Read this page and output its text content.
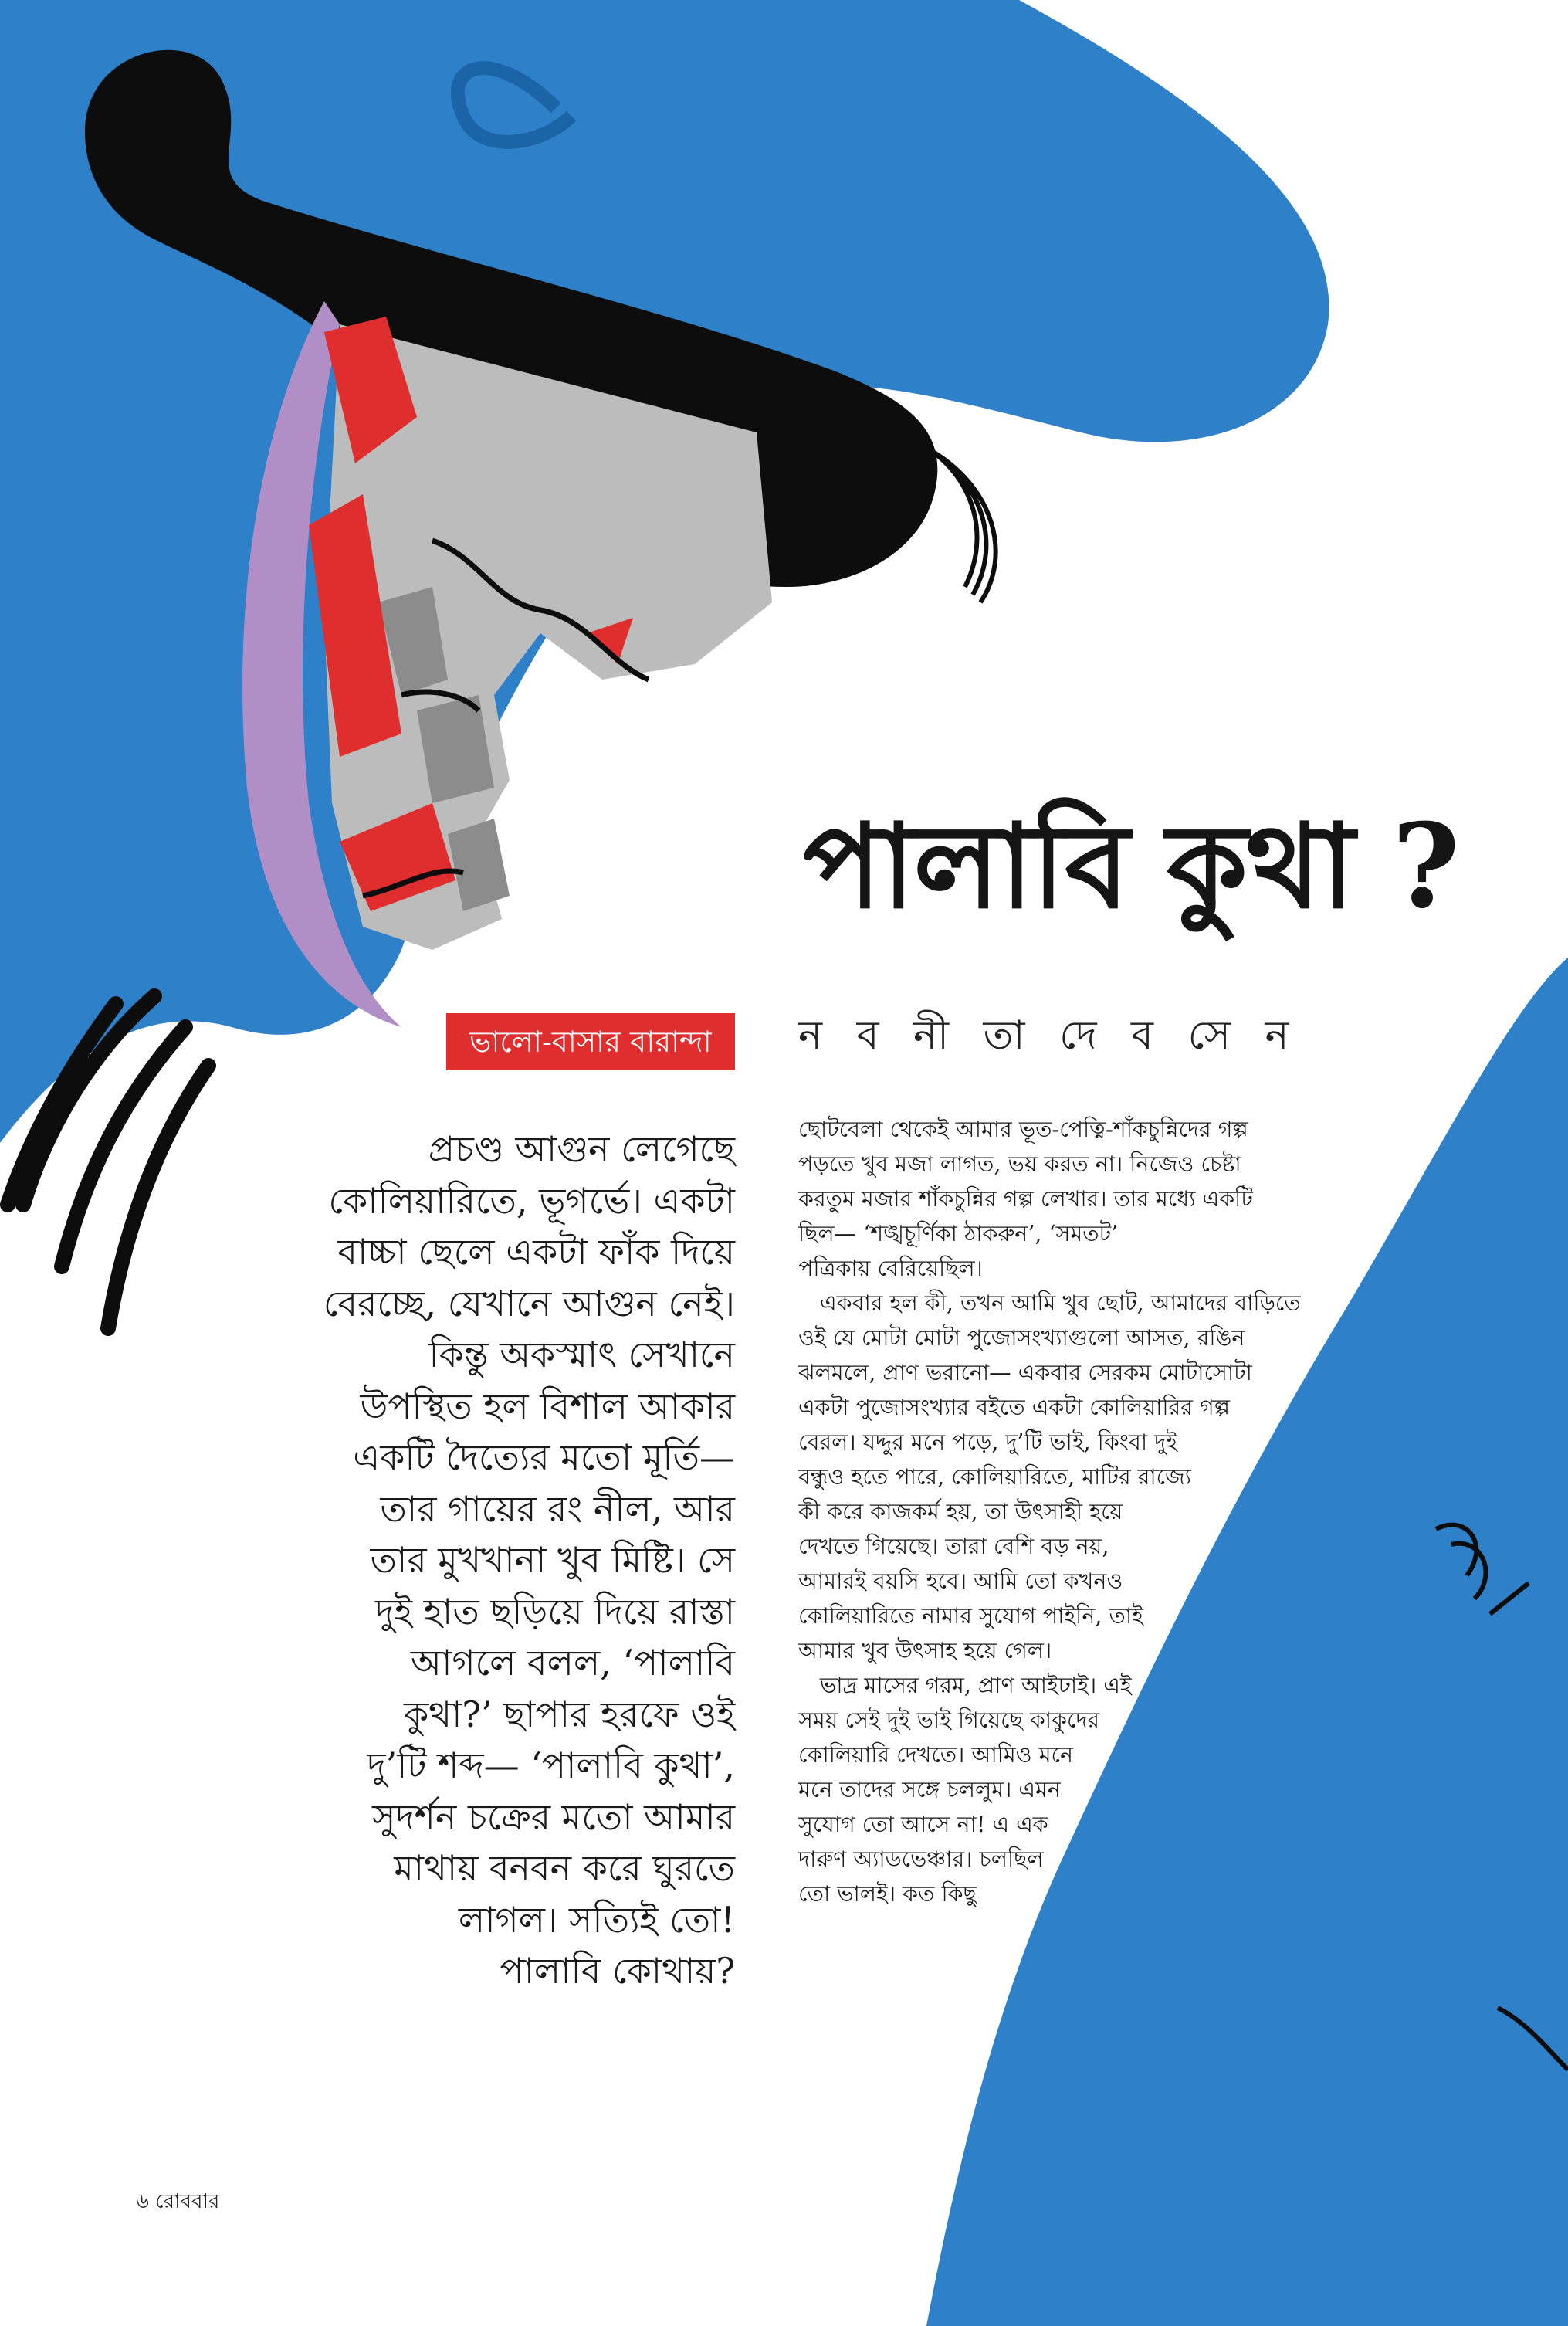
পালাবি কুথা ?
ন ব নী তা দে ব সে ন
ভালো-বাসার বারান্দা
প্রচণ্ড আগুন লেগেছে
কোলিয়ারিতে, ভূগর্ভে। একটা
বাচ্চা ছেলে একটা ফাঁক দিয়ে
বেরচ্ছে, যেখানে আগুন নেই।
কিন্তু অকস্মাৎ সেখানে
উপস্থিত হল বিশাল আকার
একটি দৈত্যের মতো মূর্তি—
তার গায়ের রং নীল, আর
তার মুখখানা খুব মিষ্টি। সে
দুই হাত ছড়িয়ে দিয়ে রাস্তা
আগলে বলল, ‘পালাবি
কুথা?’ ছাপার হরফে ওই
দু’টি শব্দ— ‘পালাবি কুথা’,
সুদর্শন চক্রের মতো আমার
মাথায় বনবন করে ঘুরতে
লাগল। সত্যিই তো!
পালাবি কোথায়?
ছোটবেলা থেকেই আমার ভূত-পেত্নি-শাঁকচুন্নিদের গল্প
পড়তে খুব মজা লাগত, ভয় করত না। নিজেও চেষ্টা
করতুম মজার শাঁকচুন্নির গল্প লেখার। তার মধ্যে একটি
ছিল— ‘শঙ্খচূর্ণিকা ঠাকরুন’, ‘সমতট’
পত্রিকায় বেরিয়েছিল।
একবার হল কী, তখন আমি খুব ছোট, আমাদের বাড়িতে
ওই যে মোটা মোটা পুজোসংখ্যাগুলো আসত, রঙিন
ঝলমলে, প্রাণ ভরানো— একবার সেরকম মোটাসোটা
একটা পুজোসংখ্যার বইতে একটা কোলিয়ারির গল্প
বেরল। যদ্দুর মনে পড়ে, দু’টি ভাই, কিংবা দুই
বন্ধুও হতে পারে, কোলিয়ারিতে, মাটির রাজ্যে
কী করে কাজকর্ম হয়, তা উৎসাহী হয়ে
দেখতে গিয়েছে। তারা বেশি বড় নয়,
আমারই বয়সি হবে। আমি তো কখনও
কোলিয়ারিতে নামার সুযোগ পাইনি, তাই
আমার খুব উৎসাহ হয়ে গেল।
ভাদ্র মাসের গরম, প্রাণ আইঢাই। এই
সময় সেই দুই ভাই গিয়েছে কাকুদের
কোলিয়ারি দেখতে। আমিও মনে
মনে তাদের সঙ্গে চললুম। এমন
সুযোগ তো আসে না! এ এক
দারুণ অ্যাডভেঞ্চার। চলছিল
তো ভালই। কত কিছু
৬ রোববার
